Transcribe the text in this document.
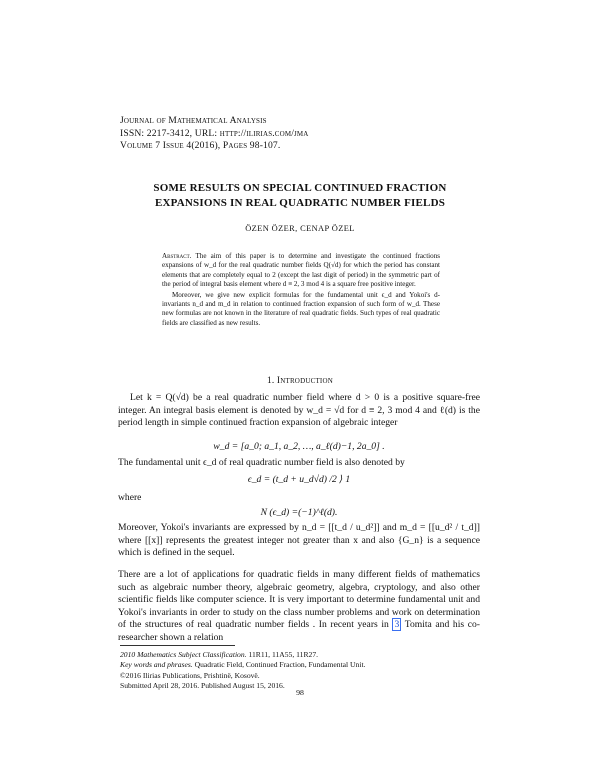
Journal of Mathematical Analysis
ISSN: 2217-3412, URL: http://ilirias.com/jma
Volume 7 Issue 4(2016), Pages 98-107.
SOME RESULTS ON SPECIAL CONTINUED FRACTION
EXPANSIONS IN REAL QUADRATIC NUMBER FIELDS
ÖZEN ÖZER, CENAP ÖZEL

Abstract. The aim of this paper is to determine and investigate the continued fractions expansions of w_d for the real quadratic number fields Q(√d) for which the period has constant elements that are completely equal to 2 (except the last digit of period) in the symmetric part of the period of integral basis element where d ≡ 2, 3 mod 4 is a square free positive integer.

Moreover, we give new explicit formulas for the fundamental unit ϵ_d and Yokoi's d-invariants n_d and m_d in relation to continued fraction expansion of such form of w_d. These new formulas are not known in the literature of real quadratic fields. Such types of real quadratic fields are classified as new results.

1. Introduction

Let k = Q(√d) be a real quadratic number field where d > 0 is a positive square-free integer. An integral basis element is denoted by w_d = √d for d ≡ 2, 3 mod 4 and ℓ(d) is the period length in simple continued fraction expansion of algebraic integer

w_d = [a_0; a_1, a_2, …, a_ℓ(d)−1, 2a_0] .
The fundamental unit ϵ_d of real quadratic number field is also denoted by
ϵ_d = (t_d + u_d√d) /2 ⟩ 1
where
N (ϵ_d) =(−1)^ℓ(d).
Moreover, Yokoi's invariants are expressed by n_d = [[t_d / u_d²]] and m_d = [[u_d² / t_d]] where [[x]] represents the greatest integer not greater than x and also {G_n} is a sequence which is defined in the sequel.

There are a lot of applications for quadratic fields in many different fields of mathematics such as algebraic number theory, algebraic geometry, algebra, cryptology, and also other scientific fields like computer science. It is very important to determine fundamental unit and Yokoi's invariants in order to study on the class number problems and work on determination of the structures of real quadratic number fields . In recent years in 3 Tomita and his co-researcher shown a relation

2010 Mathematics Subject Classification. 11R11, 11A55, 11R27.
Key words and phrases. Quadratic Field, Continued Fraction, Fundamental Unit.
©2016 Ilirias Publications, Prishtinë, Kosovë.
Submitted April 28, 2016. Published August 15, 2016.
98
